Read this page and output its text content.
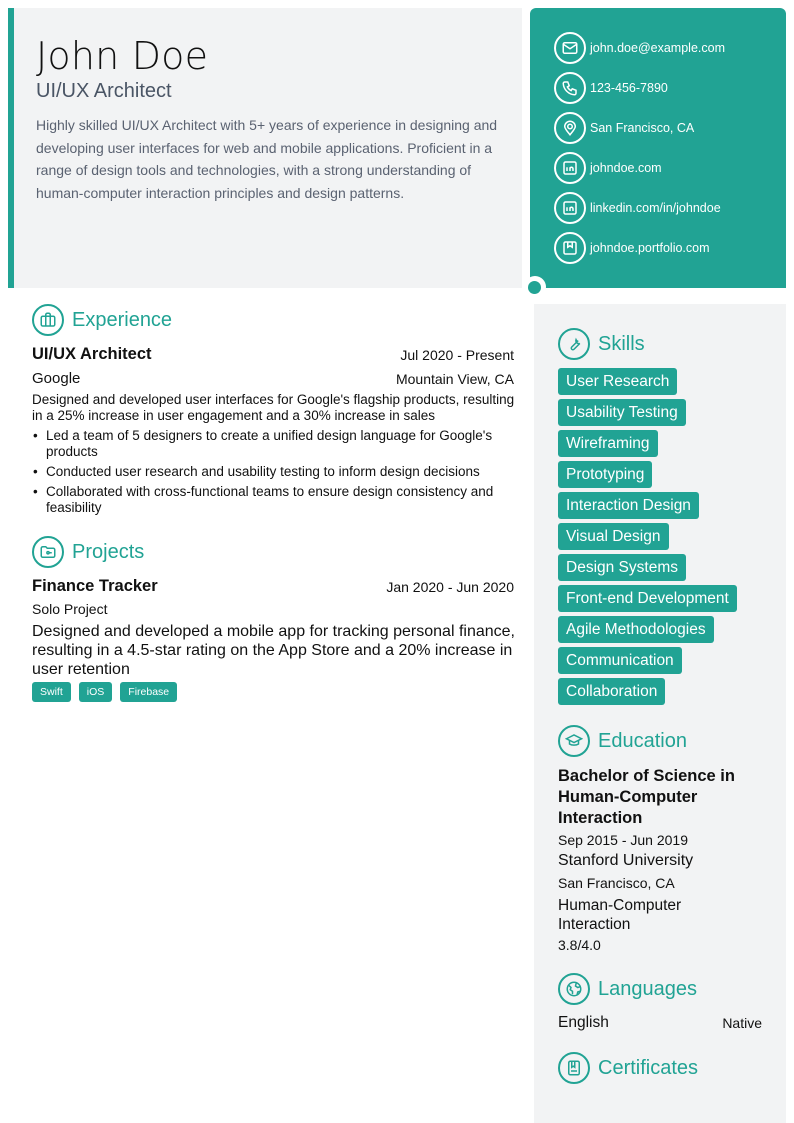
John Doe
UI/UX Architect
Highly skilled UI/UX Architect with 5+ years of experience in designing and developing user interfaces for web and mobile applications. Proficient in a range of design tools and technologies, with a strong understanding of human-computer interaction principles and design patterns.
john.doe@example.com
123-456-7890
San Francisco, CA
johndoe.com
linkedin.com/in/johndoe
johndoe.portfolio.com
Experience
UI/UX Architect	Jul 2020 - Present
Google	Mountain View, CA
Designed and developed user interfaces for Google's flagship products, resulting in a 25% increase in user engagement and a 30% increase in sales
• Led a team of 5 designers to create a unified design language for Google's products
• Conducted user research and usability testing to inform design decisions
• Collaborated with cross-functional teams to ensure design consistency and feasibility
Projects
Finance Tracker	Jan 2020 - Jun 2020
Solo Project
Designed and developed a mobile app for tracking personal finance, resulting in a 4.5-star rating on the App Store and a 20% increase in user retention
Swift	iOS	Firebase
Skills
User Research
Usability Testing
Wireframing
Prototyping
Interaction Design
Visual Design
Design Systems
Front-end Development
Agile Methodologies
Communication
Collaboration
Education
Bachelor of Science in Human-Computer Interaction
Sep 2015 - Jun 2019
Stanford University
San Francisco, CA
Human-Computer Interaction
3.8/4.0
Languages
English	Native
Certificates
